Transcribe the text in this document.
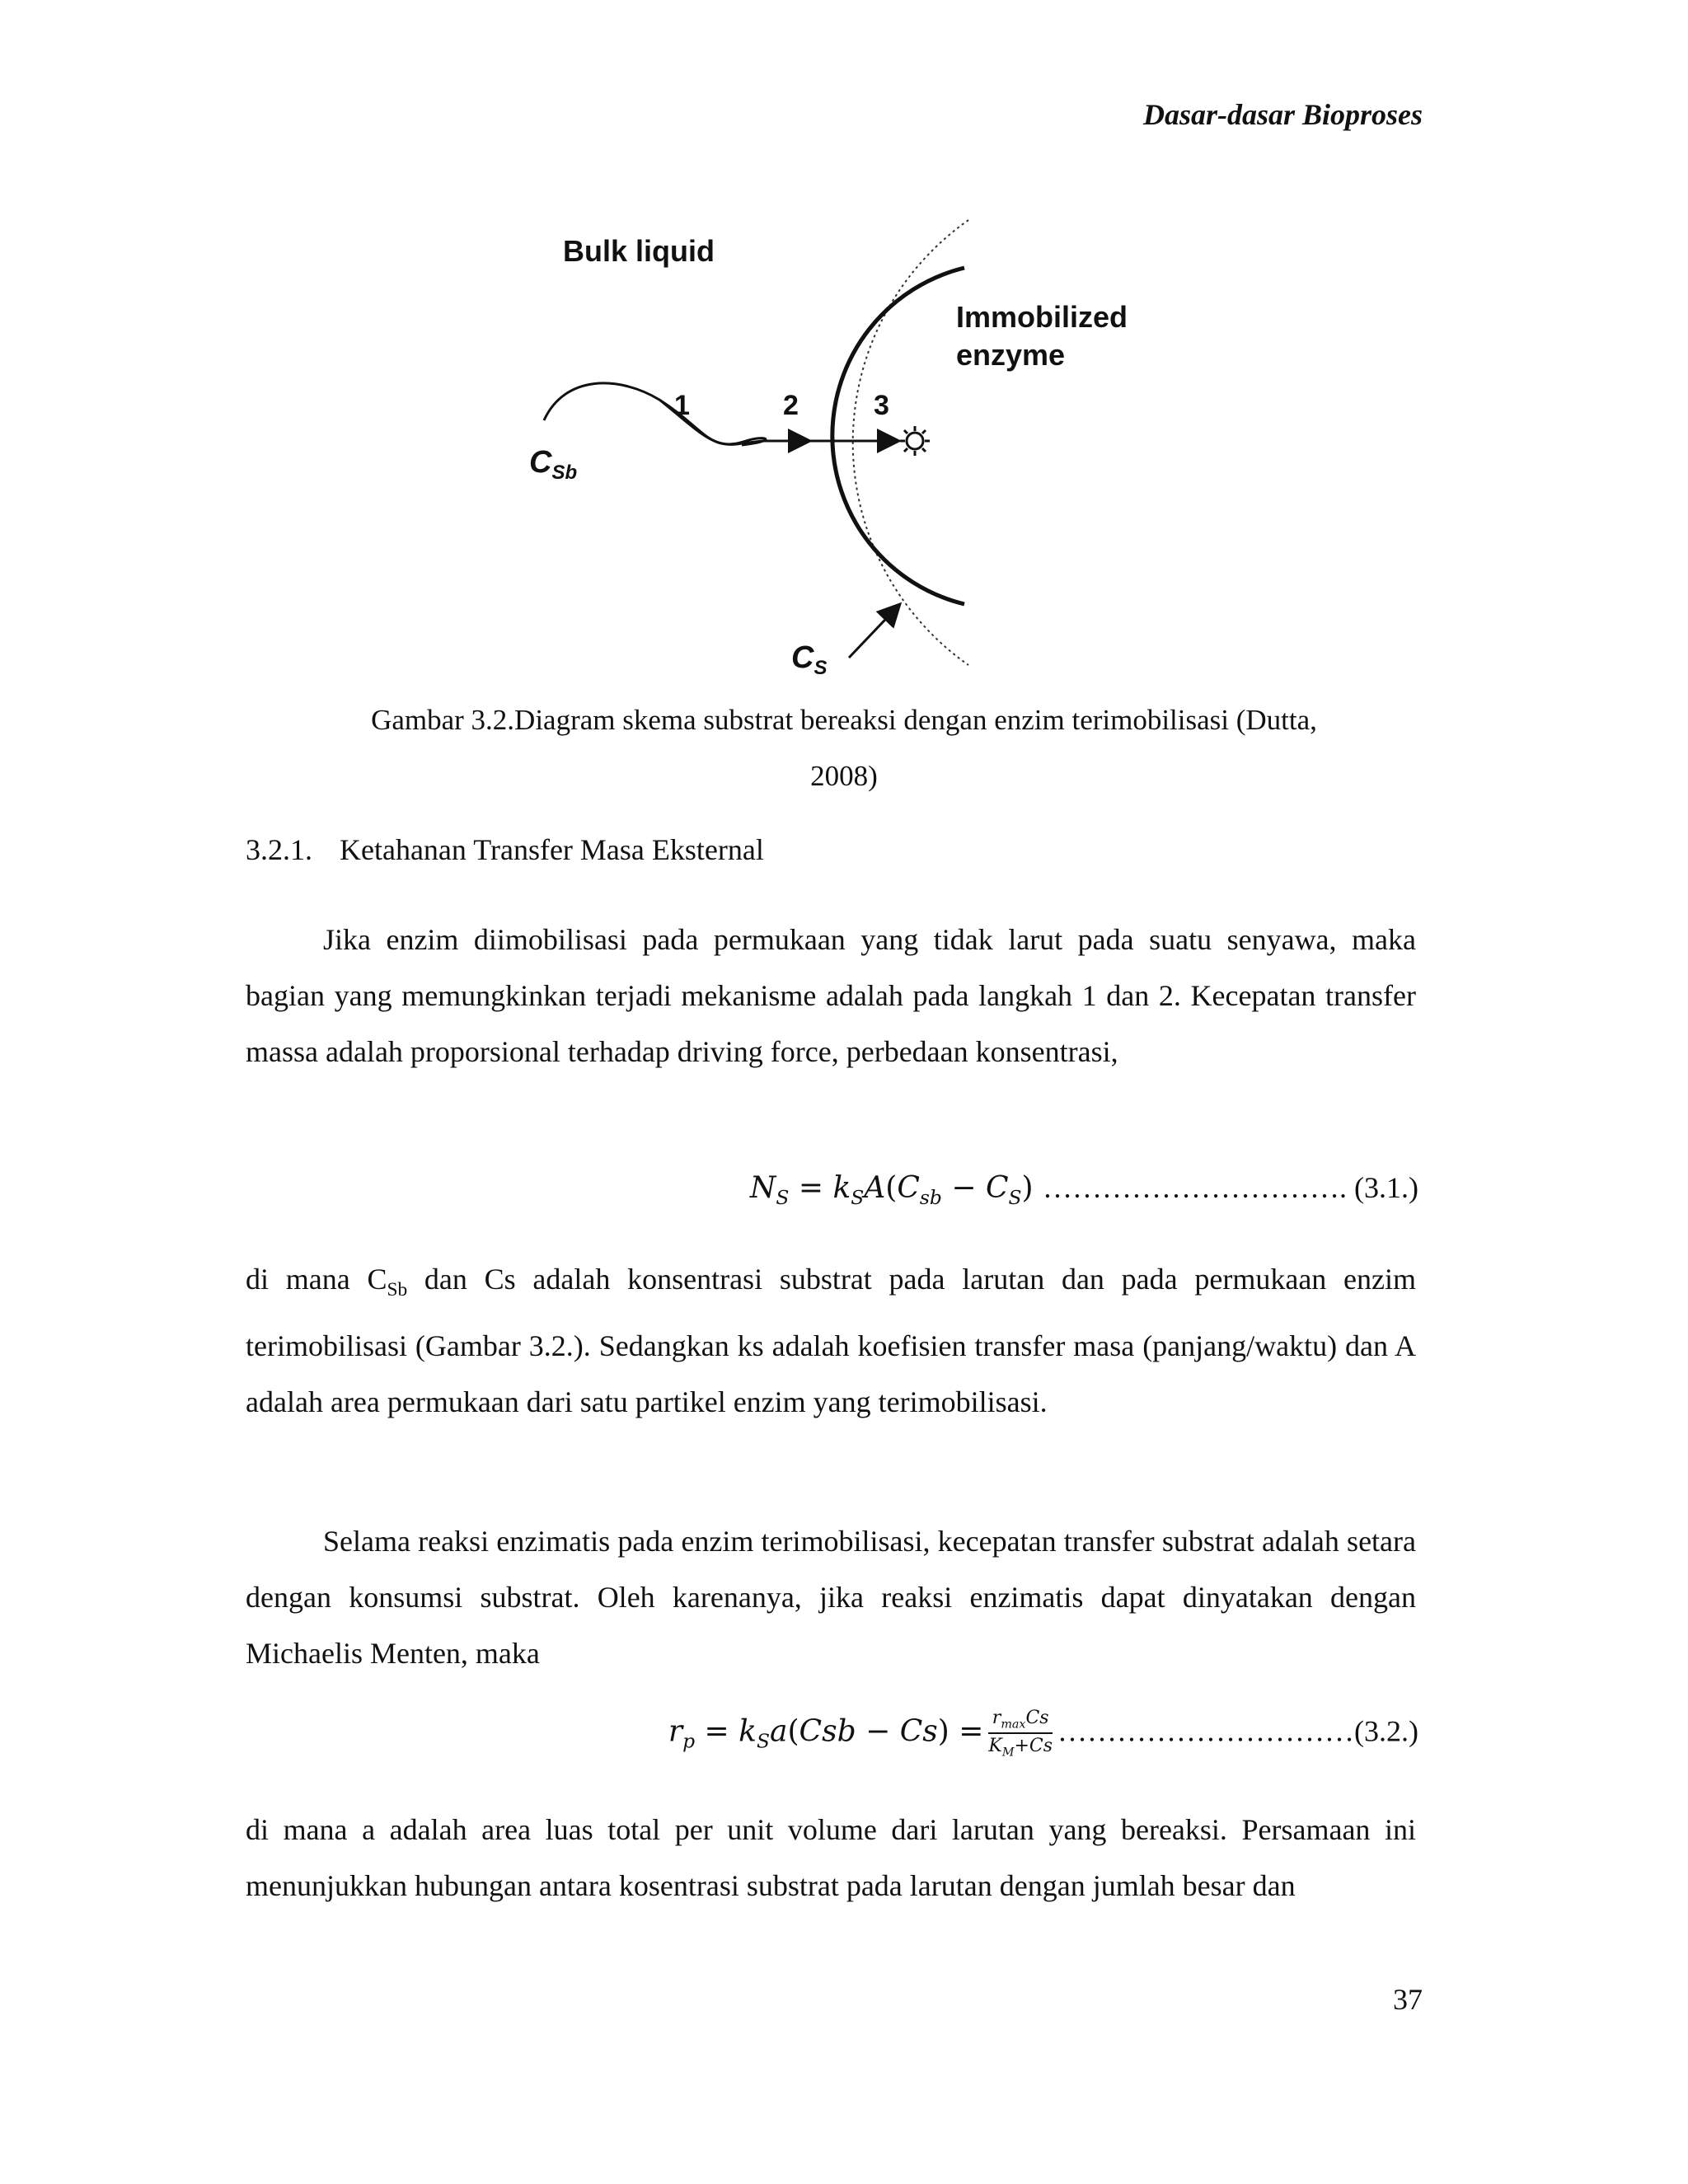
Dasar-dasar Bioproses
Bulk liquid
Immobilized
enzyme
1	2	3
$C_{Sb}$
$C_S$
Gambar 3.2.Diagram skema substrat bereaksi dengan enzim terimobilisasi (Dutta,
2008)
3.2.1. Ketahanan Transfer Masa Eksternal
Jika enzim diimobilisasi pada permukaan yang tidak larut pada suatu senyawa, maka bagian yang memungkinkan terjadi mekanisme adalah pada langkah 1 dan 2. Kecepatan transfer massa adalah proporsional terhadap driving force, perbedaan konsentrasi,
$N_S = k_SA(C_{sb} - C_S)$ …………………………. (3.1.)
di mana $C_{Sb}$ dan Cs adalah konsentrasi substrat pada larutan dan pada permukaan enzim terimobilisasi (Gambar 3.2.). Sedangkan ks adalah koefisien transfer masa (panjang/waktu) dan A adalah area permukaan dari satu partikel enzim yang terimobilisasi.
Selama reaksi enzimatis pada enzim terimobilisasi, kecepatan transfer substrat adalah setara dengan konsumsi substrat. Oleh karenanya, jika reaksi enzimatis dapat dinyatakan dengan Michaelis Menten, maka
$r_p = k_Sa(Csb - Cs) = \frac{r_{max}Cs}{K_M+Cs}$ …………………………(3.2.)
di mana a adalah area luas total per unit volume dari larutan yang bereaksi. Persamaan ini menunjukkan hubungan antara kosentrasi substrat pada larutan dengan jumlah besar dan
37
